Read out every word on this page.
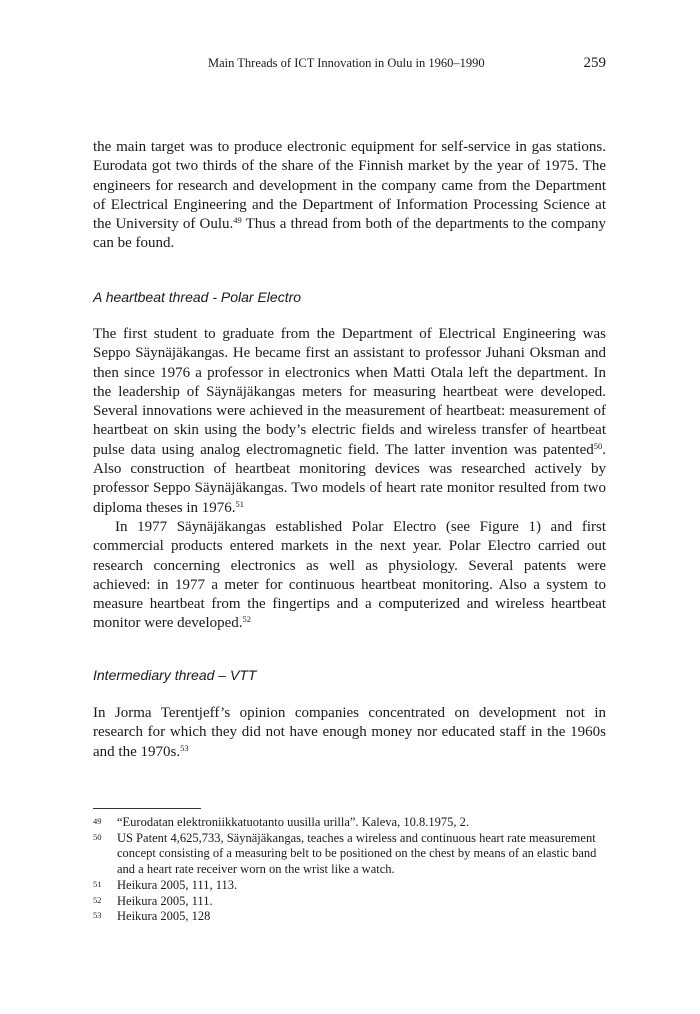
Main Threads of ICT Innovation in Oulu in 1960–1990	259

the main target was to produce electronic equipment for self-service in gas stations. Eurodata got two thirds of the share of the Finnish market by the year of 1975. The engineers for research and development in the company came from the Department of Electrical Engineering and the Department of Information Processing Science at the University of Oulu.$^{49}$ Thus a thread from both of the departments to the company can be found.

A heartbeat thread - Polar Electro

The first student to graduate from the Department of Electrical Engineering was Seppo Säynäjäkangas. He became first an assistant to professor Juhani Oksman and then since 1976 a professor in electronics when Matti Otala left the department. In the leadership of Säynäjäkangas meters for measuring heartbeat were developed. Several innovations were achieved in the measurement of heartbeat: measurement of heartbeat on skin using the body’s electric fields and wireless transfer of heartbeat pulse data using analog electromagnetic field. The latter invention was patented$^{50}$. Also construction of heartbeat monitoring devices was researched actively by professor Seppo Säynäjäkangas. Two models of heart rate monitor resulted from two diploma theses in 1976.51

In 1977 Säynäjäkangas established Polar Electro (see Figure 1) and first commercial products entered markets in the next year. Polar Electro carried out research concerning electronics as well as physiology. Several patents were achieved: in 1977 a meter for continuous heartbeat monitoring. Also a system to measure heartbeat from the fingertips and a computerized and wireless heartbeat monitor were developed.$^{52}$

Intermediary thread – VTT

In Jorma Terentjeff’s opinion companies concentrated on development not in research for which they did not have enough money nor educated staff in the 1960s and the 1970s.$^{53}$

49 “Eurodatan elektroniikkatuotanto uusilla urilla”. Kaleva, 10.8.1975, 2.
50 US Patent 4,625,733, Säynäjäkangas, teaches a wireless and continuous heart rate measurement concept consisting of a measuring belt to be positioned on the chest by means of an elastic band and a heart rate receiver worn on the wrist like a watch.
51 Heikura 2005, 111, 113.
52 Heikura 2005, 111.
53 Heikura 2005, 128
